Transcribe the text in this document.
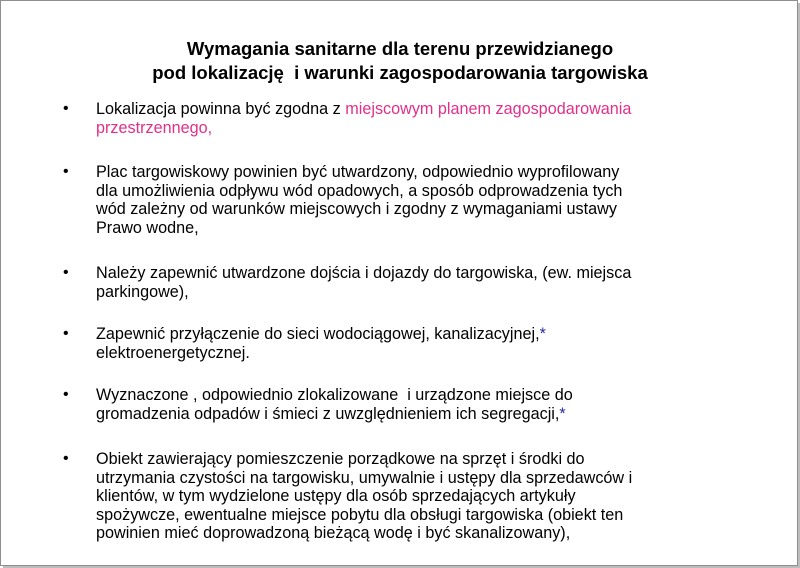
Wymagania sanitarne dla terenu przewidzianego
pod lokalizację  i warunki zagospodarowania targowiska
• Lokalizacja powinna być zgodna z miejscowym planem zagospodarowania
przestrzennego,
• Plac targowiskowy powinien być utwardzony, odpowiednio wyprofilowany
dla umożliwienia odpływu wód opadowych, a sposób odprowadzenia tych
wód zależny od warunków miejscowych i zgodny z wymaganiami ustawy
Prawo wodne,
• Należy zapewnić utwardzone dojścia i dojazdy do targowiska, (ew. miejsca
parkingowe),
• Zapewnić przyłączenie do sieci wodociągowej, kanalizacyjnej,*
elektroenergetycznej.
• Wyznaczone , odpowiednio zlokalizowane  i urządzone miejsce do
gromadzenia odpadów i śmieci z uwzględnieniem ich segregacji,*
• Obiekt zawierający pomieszczenie porządkowe na sprzęt i środki do
utrzymania czystości na targowisku, umywalnie i ustępy dla sprzedawców i
klientów, w tym wydzielone ustępy dla osób sprzedających artykuły
spożywcze, ewentualne miejsce pobytu dla obsługi targowiska (obiekt ten
powinien mieć doprowadzoną bieżącą wodę i być skanalizowany),
